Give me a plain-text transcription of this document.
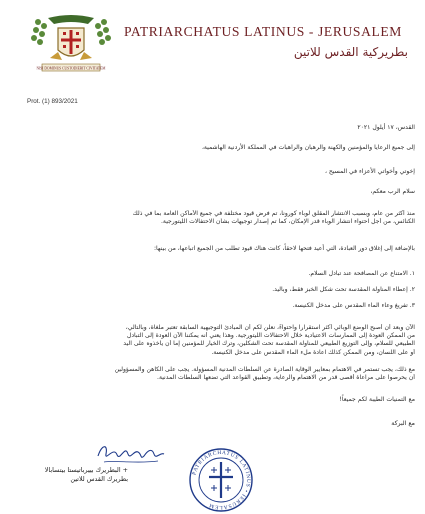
NISI DOMINUS CUSTODIERIT CIVITATEM
PATRIARCHATUS LATINUS - JERUSALEM
بطريركية القدس للاتين
Prot. (1) 893/2021
القدس، ١٧ أيلول ٢٠٢١
إلى جميع الرعايا والمؤمنين والكهنة والرهبان والراهبات في المملكة الأردنية الهاشمية،
إخوتي وأخواتي الأعزاء في المسيح ،
سلام الرب معكم،
منذ أكثر من عام، وبسبب الانتشار المقلق لوباء كورونا، تم فرض قيود مختلفة في جميع الأماكن العامة بما في ذلك
الكنائس، من أجل احتواء انتشار الوباء قدر الإمكان، كما تم إصدار توجيهات بشأن الاحتفالات الليتورجية.
بالإضافة إلى إغلاق دور العبادة، التي أعيد فتحها لاحقاً، كانت هناك قيود تطلب من الجميع اتباعها، من بينها:
١. الامتناع عن المصافحة عند تبادل السلام.
٢. إعطاء المناولة المقدسة تحت شكل الخبز فقط، وباليد.
٣. تفريغ وعاء الماء المقدس على مدخل الكنيسة.
الآن وبعد أن أصبح الوضع الوبائي أكثر استقراراً واحتواءً، نعلن لكم أن المبادئ التوجيهية السابقة تعتبر ملغاة، وبالتالي،
من الممكن العودة إلى الممارسات الاعتيادية خلال الاحتفالات الليتورجية. وهذا يعني أنه يمكننا الآن العودة إلى التبادل
الطبيعي للسلام، وإلى التوزيع الطبيعي للمناولة المقدسة تحت الشكلين، وترك الخيار للمؤمنين إما أن يأخذوه على اليد
أو على اللسان، ومن الممكن كذلك اعادة ملء الماء المقدس على مدخل الكنيسة.
مع ذلك، يجب تستمر في الاهتمام بمعايير الوقاية الصادرة عن السلطات المدنية المسؤولة. يجب على الكاهن والمسؤولين
أن يحرصوا على مراعاة أقصى قدر من الاهتمام والرعاية، وتطبيق القواعد التي تضعها السلطات المدنية.
مع التمنيات الطيبة لكم جميعاً!
مع البركة
+ البطريرك بييرباتيستا بيتسابالا
بطريرك القدس للاتين
PATRIARCHATUS LATINUS • IERUSALEM
